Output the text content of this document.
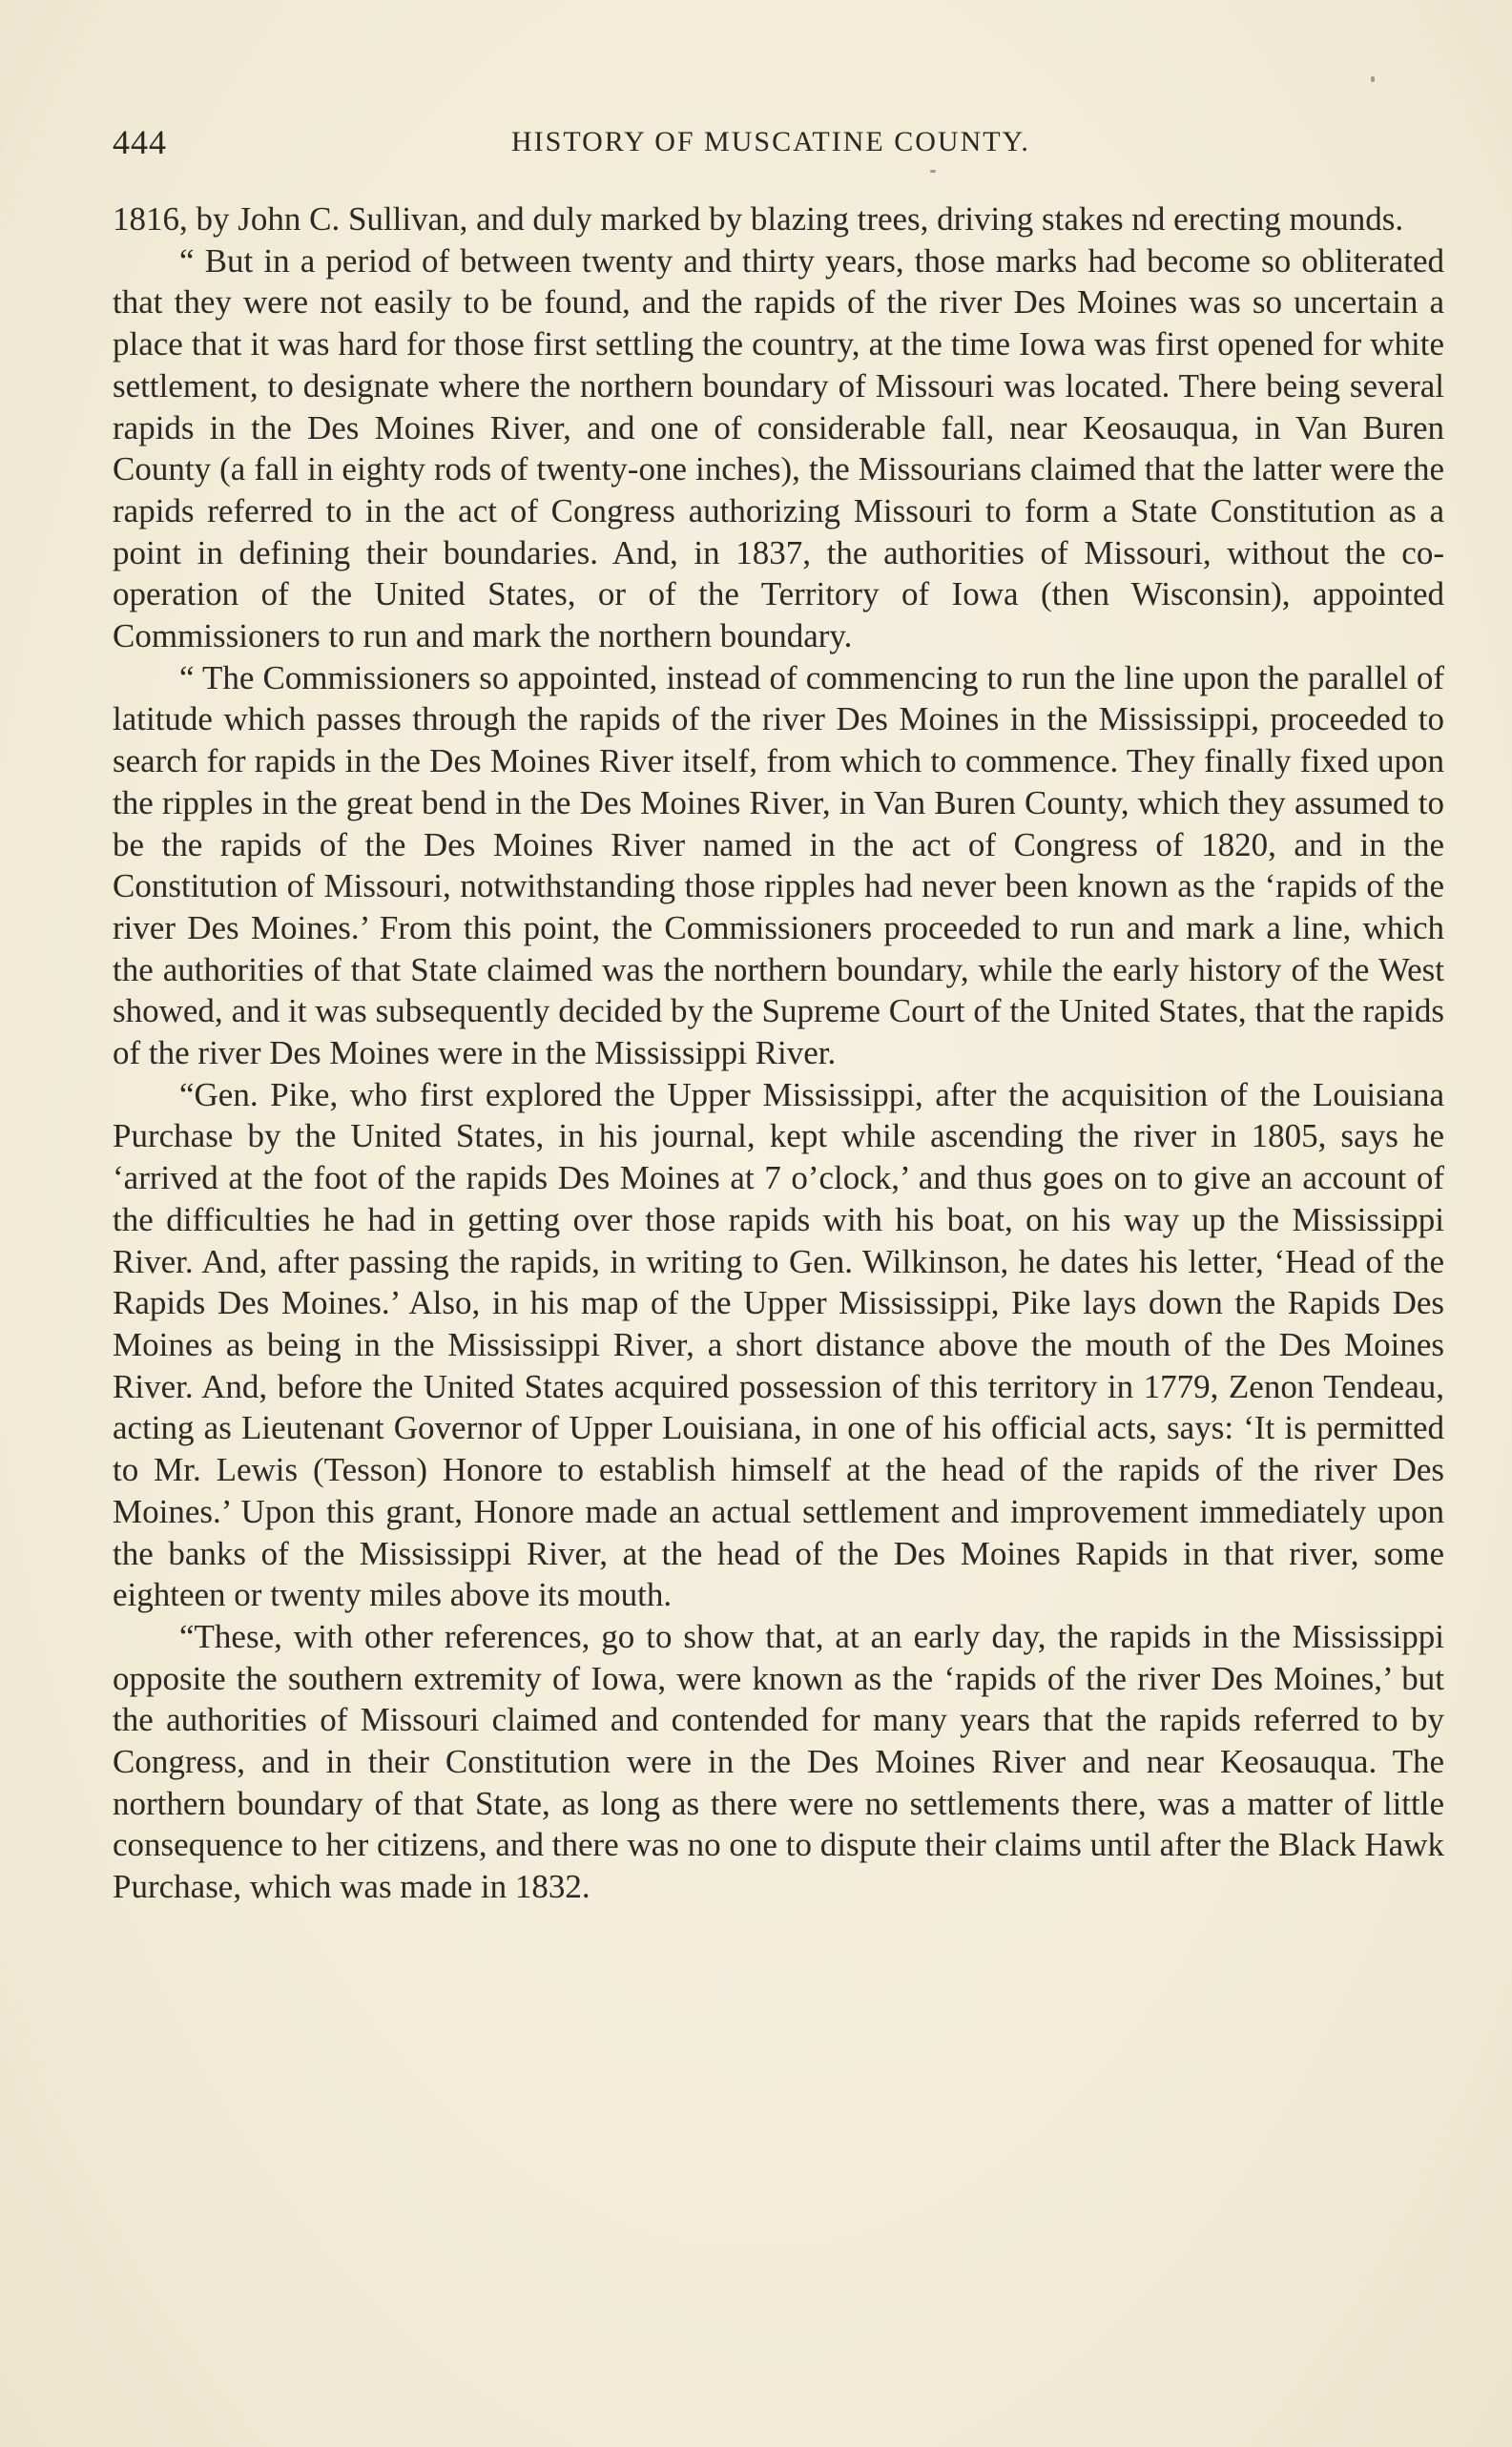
444	HISTORY OF MUSCATINE COUNTY.

1816, by John C. Sullivan, and duly marked by blazing trees, driving stakes nd erecting mounds.

“ But in a period of between twenty and thirty years, those marks had become so obliterated that they were not easily to be found, and the rapids of the river Des Moines was so uncertain a place that it was hard for those first settling the country, at the time Iowa was first opened for white settlement, to designate where the northern boundary of Missouri was located. There being several rapids in the Des Moines River, and one of considerable fall, near Keosauqua, in Van Buren County (a fall in eighty rods of twenty-one inches), the Missourians claimed that the latter were the rapids referred to in the act of Congress authorizing Missouri to form a State Constitution as a point in defining their boundaries. And, in 1837, the authorities of Missouri, without the co-operation of the United States, or of the Territory of Iowa (then Wisconsin), appointed Commissioners to run and mark the northern boundary.

“ The Commissioners so appointed, instead of commencing to run the line upon the parallel of latitude which passes through the rapids of the river Des Moines in the Mississippi, proceeded to search for rapids in the Des Moines River itself, from which to commence. They finally fixed upon the ripples in the great bend in the Des Moines River, in Van Buren County, which they assumed to be the rapids of the Des Moines River named in the act of Congress of 1820, and in the Constitution of Missouri, notwithstanding those ripples had never been known as the ‘rapids of the river Des Moines.’ From this point, the Commissioners proceeded to run and mark a line, which the authorities of that State claimed was the northern boundary, while the early history of the West showed, and it was subsequently decided by the Supreme Court of the United States, that the rapids of the river Des Moines were in the Mississippi River.

“Gen. Pike, who first explored the Upper Mississippi, after the acquisition of the Louisiana Purchase by the United States, in his journal, kept while ascending the river in 1805, says he ‘arrived at the foot of the rapids Des Moines at 7 o’clock,’ and thus goes on to give an account of the difficulties he had in getting over those rapids with his boat, on his way up the Mississippi River. And, after passing the rapids, in writing to Gen. Wilkinson, he dates his letter, ‘Head of the Rapids Des Moines.’ Also, in his map of the Upper Mississippi, Pike lays down the Rapids Des Moines as being in the Mississippi River, a short distance above the mouth of the Des Moines River. And, before the United States acquired possession of this territory in 1779, Zenon Tendeau, acting as Lieutenant Governor of Upper Louisiana, in one of his official acts, says: ‘It is permitted to Mr. Lewis (Tesson) Honore to establish himself at the head of the rapids of the river Des Moines.’ Upon this grant, Honore made an actual settlement and improvement immediately upon the banks of the Mississippi River, at the head of the Des Moines Rapids in that river, some eighteen or twenty miles above its mouth.

“These, with other references, go to show that, at an early day, the rapids in the Mississippi opposite the southern extremity of Iowa, were known as the ‘rapids of the river Des Moines,’ but the authorities of Missouri claimed and contended for many years that the rapids referred to by Congress, and in their Constitution were in the Des Moines River and near Keosauqua. The northern boundary of that State, as long as there were no settlements there, was a matter of little consequence to her citizens, and there was no one to dispute their claims until after the Black Hawk Purchase, which was made in 1832.
